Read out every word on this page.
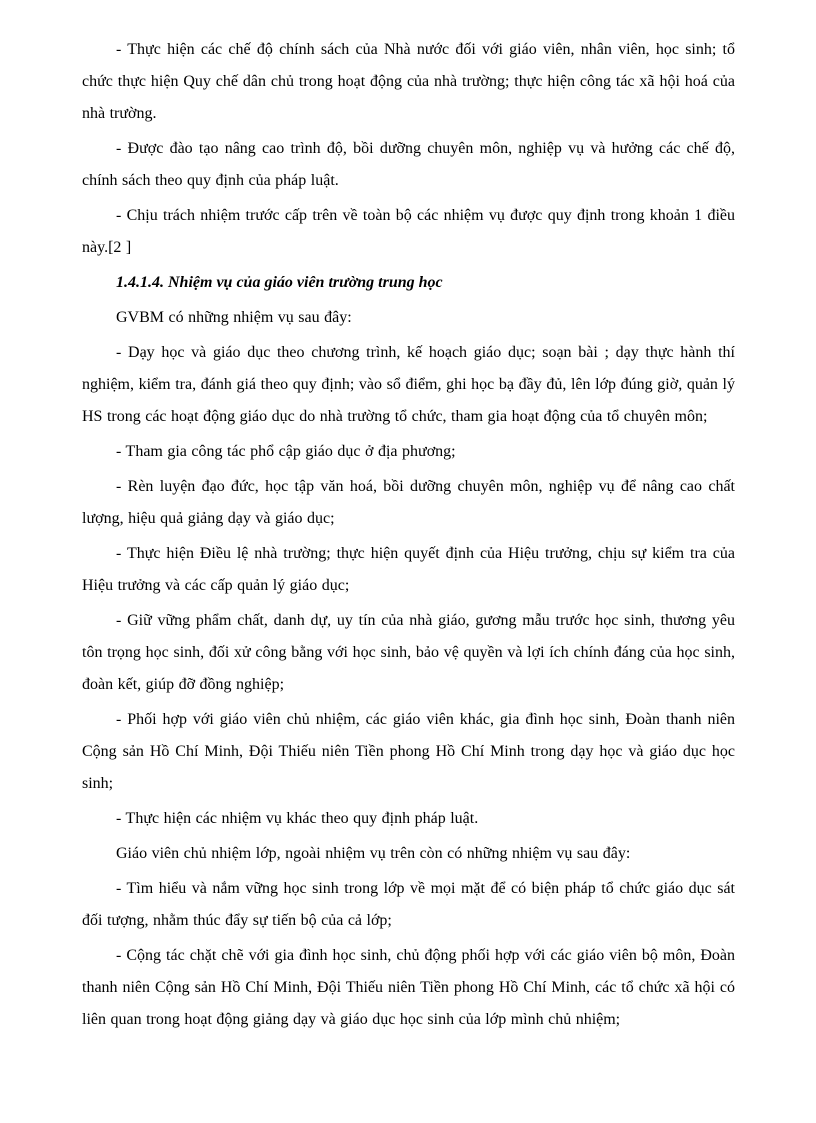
- Thực hiện các chế độ chính sách của Nhà nước đối với giáo viên, nhân viên, học sinh; tổ chức thực hiện Quy chế dân chủ trong hoạt động của nhà trường; thực hiện công tác xã hội hoá của nhà trường.

- Được đào tạo nâng cao trình độ, bồi dưỡng chuyên môn, nghiệp vụ và hưởng các chế độ, chính sách theo quy định của pháp luật.

- Chịu trách nhiệm trước cấp trên về toàn bộ các nhiệm vụ được quy định trong khoản 1 điều này.[2 ]

1.4.1.4. Nhiệm vụ của giáo viên trường trung học

GVBM có những nhiệm vụ sau đây:

- Dạy học và giáo dục theo chương trình, kế hoạch giáo dục; soạn bài ; dạy thực hành thí nghiệm, kiểm tra, đánh giá theo quy định; vào sổ điểm, ghi học bạ đầy đủ, lên lớp đúng giờ, quản lý HS trong các hoạt động giáo dục do nhà trường tổ chức, tham gia hoạt động của tổ chuyên môn;

- Tham gia công tác phổ cập giáo dục ở địa phương;

- Rèn luyện đạo đức, học tập văn hoá, bồi dưỡng chuyên môn, nghiệp vụ để nâng cao chất lượng, hiệu quả giảng dạy và giáo dục;

- Thực hiện Điều lệ nhà trường; thực hiện quyết định của Hiệu trưởng, chịu sự kiểm tra của Hiệu trưởng và các cấp quản lý giáo dục;

- Giữ vững phẩm chất, danh dự, uy tín của nhà giáo, gương mẫu trước học sinh, thương yêu tôn trọng học sinh, đối xử công bằng với học sinh, bảo vệ quyền và lợi ích chính đáng của học sinh, đoàn kết, giúp đỡ đồng nghiệp;

- Phối hợp với giáo viên chủ nhiệm, các giáo viên khác, gia đình học sinh, Đoàn thanh niên Cộng sản Hồ Chí Minh, Đội Thiếu niên Tiền phong Hồ Chí Minh trong dạy học và giáo dục học sinh;

- Thực hiện các nhiệm vụ khác theo quy định pháp luật.

Giáo viên chủ nhiệm lớp, ngoài nhiệm vụ trên còn có những nhiệm vụ sau đây:

- Tìm hiểu và nắm vững học sinh trong lớp về mọi mặt để có biện pháp tổ chức giáo dục sát đối tượng, nhằm thúc đẩy sự tiến bộ của cả lớp;

- Cộng tác chặt chẽ với gia đình học sinh, chủ động phối hợp với các giáo viên bộ môn, Đoàn thanh niên Cộng sản Hồ Chí Minh, Đội Thiếu niên Tiền phong Hồ Chí Minh, các tổ chức xã hội có liên quan trong hoạt động giảng dạy và giáo dục học sinh của lớp mình chủ nhiệm;
